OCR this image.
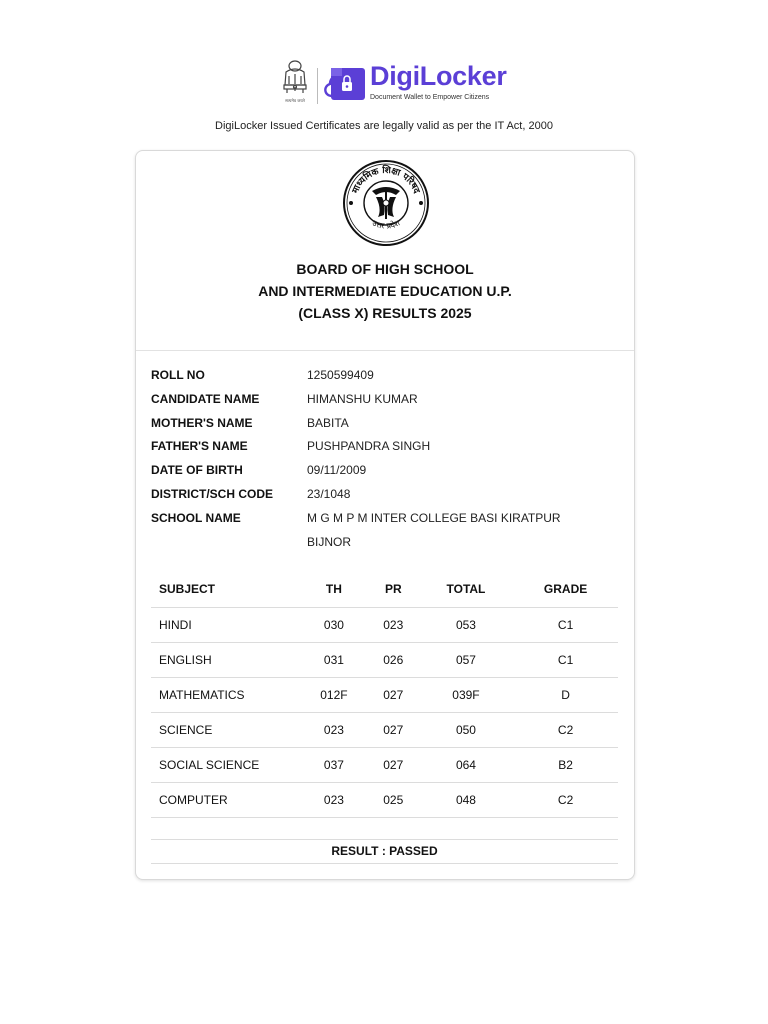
सत्यमेव जयते
DigiLocker
Document Wallet to Empower Citizens
DigiLocker Issued Certificates are legally valid as per the IT Act, 2000
माध्यमिक शिक्षा परिषद
उत्तर प्रदेश
BOARD OF HIGH SCHOOL
AND INTERMEDIATE EDUCATION U.P.
(CLASS X) RESULTS 2025
ROLL NO	1250599409
CANDIDATE NAME	HIMANSHU KUMAR
MOTHER'S NAME	BABITA
FATHER'S NAME	PUSHPANDRA SINGH
DATE OF BIRTH	09/11/2009
DISTRICT/SCH CODE	23/1048
SCHOOL NAME	M G M P M INTER COLLEGE BASI KIRATPUR BIJNOR
SUBJECT	TH	PR	TOTAL	GRADE
HINDI	030	023	053	C1
ENGLISH	031	026	057	C1
MATHEMATICS	012F	027	039F	D
SCIENCE	023	027	050	C2
SOCIAL SCIENCE	037	027	064	B2
COMPUTER	023	025	048	C2
RESULT : PASSED
